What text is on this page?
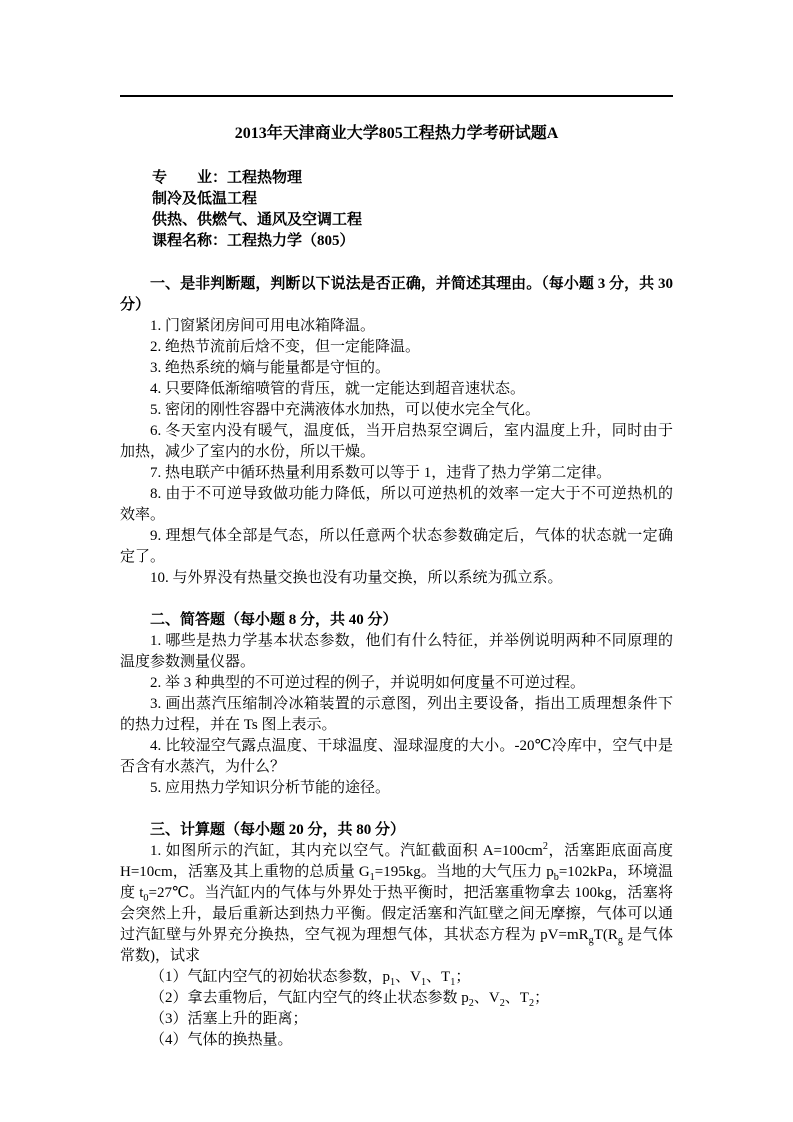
2013年天津商业大学805工程热力学考研试题A

专　　业：工程热物理

制冷及低温工程

供热、供燃气、通风及空调工程

课程名称：工程热力学（805）

一、是非判断题，判断以下说法是否正确，并简述其理由。（每小题 3 分，共 30 分）

1. 门窗紧闭房间可用电冰箱降温。

2. 绝热节流前后焓不变，但一定能降温。

3. 绝热系统的熵与能量都是守恒的。

4. 只要降低渐缩喷管的背压，就一定能达到超音速状态。

5. 密闭的刚性容器中充满液体水加热，可以使水完全气化。

6. 冬天室内没有暖气，温度低，当开启热泵空调后，室内温度上升，同时由于加热，减少了室内的水份，所以干燥。

7. 热电联产中循环热量利用系数可以等于 1，违背了热力学第二定律。

8. 由于不可逆导致做功能力降低，所以可逆热机的效率一定大于不可逆热机的效率。

9. 理想气体全部是气态，所以任意两个状态参数确定后，气体的状态就一定确定了。

10. 与外界没有热量交换也没有功量交换，所以系统为孤立系。

二、简答题（每小题 8 分，共 40 分）

1. 哪些是热力学基本状态参数，他们有什么特征，并举例说明两种不同原理的温度参数测量仪器。

2. 举 3 种典型的不可逆过程的例子，并说明如何度量不可逆过程。

3. 画出蒸汽压缩制冷冰箱装置的示意图，列出主要设备，指出工质理想条件下的热力过程，并在 Ts 图上表示。

4. 比较湿空气露点温度、干球温度、湿球湿度的大小。-20℃冷库中，空气中是否含有水蒸汽，为什么？

5. 应用热力学知识分析节能的途径。

三、计算题（每小题 20 分，共 80 分）

1. 如图所示的汽缸，其内充以空气。汽缸截面积 $A=100cm^2$，活塞距底面高度 H=10cm，活塞及其上重物的总质量 $G_1=195kg$。当地的大气压力 $p_b=102kPa$，环境温度 $t_0=27℃$。当汽缸内的气体与外界处于热平衡时，把活塞重物拿去 100kg，活塞将会突然上升，最后重新达到热力平衡。假定活塞和汽缸壁之间无摩擦，气体可以通过汽缸壁与外界充分换热，空气视为理想气体，其状态方程为 $pV=mR_gT(R_g$ 是气体常数)，试求

（1）气缸内空气的初始状态参数，$p_1$、$V_1$、$T_1$；

（2）拿去重物后，气缸内空气的终止状态参数 $p_2$、$V_2$、$T_2$；

（3）活塞上升的距离；

（4）气体的换热量。
